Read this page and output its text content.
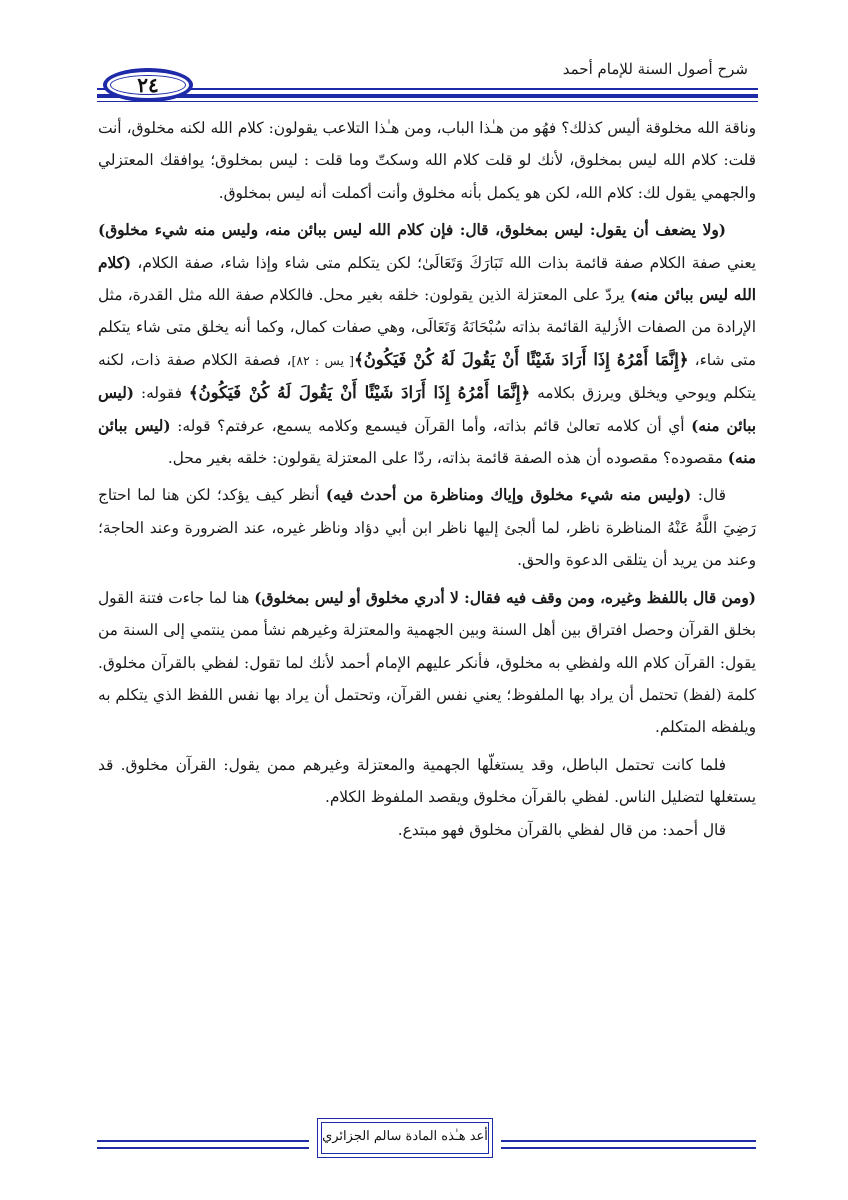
شرح أصول السنة للإمام أحمد
٢٤

وناقة الله مخلوقة أليس كذلك؟ فهُو من هـٰذا الباب، ومن هـٰذا التلاعب يقولون: كلام الله لكنه مخلوق، أنت قلت: كلام الله ليس بمخلوق، لأنك لو قلت كلام الله وسكتّ وما قلت : ليس بمخلوق؛ يوافقك المعتزلي والجهمي يقول لك: كلام الله، لكن هو يكمل بأنه مخلوق وأنت أكملت أنه ليس بمخلوق.

(ولا يضعف أن يقول: ليس بمخلوق، قال: فإن كلام الله ليس ببائن منه، وليس منه شيء مخلوق) يعني صفة الكلام صفة قائمة بذات الله تَبَارَكَ وَتَعَالَىٰ؛ لكن يتكلم متى شاء وإذا شاء، صفة الكلام، (كلام الله ليس ببائن منه) يردّ على المعتزلة الذين يقولون: خلقه بغير محل. فالكلام صفة الله مثل القدرة، مثل الإرادة من الصفات الأزلية القائمة بذاته سُبْحَانَهُ وَتَعَالَى، وهي صفات كمال، وكما أنه يخلق متى شاء يتكلم متى شاء، ﴿إِنَّمَا أَمْرُهُ إِذَا أَرَادَ شَيْئًا أَنْ يَقُولَ لَهُ كُنْ فَيَكُونُ﴾[ يس : ٨٢]، فصفة الكلام صفة ذات، لكنه يتكلم ويوحي ويخلق ويرزق بكلامه ﴿إِنَّمَا أَمْرُهُ إِذَا أَرَادَ شَيْئًا أَنْ يَقُولَ لَهُ كُنْ فَيَكُونُ﴾ فقوله: (ليس ببائن منه) أي أن كلامه تعالىٰ قائم بذاته، وأما القرآن فيسمع وكلامه يسمع، عرفتم؟ قوله: (ليس ببائن منه) مقصوده؟ مقصوده أن هذه الصفة قائمة بذاته، ردّا على المعتزلة يقولون: خلقه بغير محل.

قال: (وليس منه شيء مخلوق وإياك ومناظرة من أحدث فيه) أنظر كيف يؤكد؛ لكن هنا لما احتاج رَضِيَ اللَّهُ عَنْهُ المناظرة ناظر، لما ألجئ إليها ناظر ابن أبي دؤاد وناظر غيره، عند الضرورة وعند الحاجة؛ وعند من يريد أن يتلقى الدعوة والحق.

(ومن قال باللفظ وغيره، ومن وقف فيه فقال: لا أدري مخلوق أو ليس بمخلوق) هنا لما جاءت فتنة القول بخلق القرآن وحصل افتراق بين أهل السنة وبين الجهمية والمعتزلة وغيرهم نشأ ممن ينتمي إلى السنة من يقول: القرآن كلام الله ولفظي به مخلوق، فأنكر عليهم الإمام أحمد لأنك لما تقول: لفظي بالقرآن مخلوق. كلمة (لفظ) تحتمل أن يراد بها الملفوظ؛ يعني نفس القرآن، وتحتمل أن يراد بها نفس اللفظ الذي يتكلم به ويلفظه المتكلم.

فلما كانت تحتمل الباطل، وقد يستغلّها الجهمية والمعتزلة وغيرهم ممن يقول: القرآن مخلوق. قد يستغلها لتضليل الناس. لفظي بالقرآن مخلوق ويقصد الملفوظ الكلام.

قال أحمد: من قال لفظي بالقرآن مخلوق فهو مبتدع.

أعد هـٰذه المادة سالم الجزائري
